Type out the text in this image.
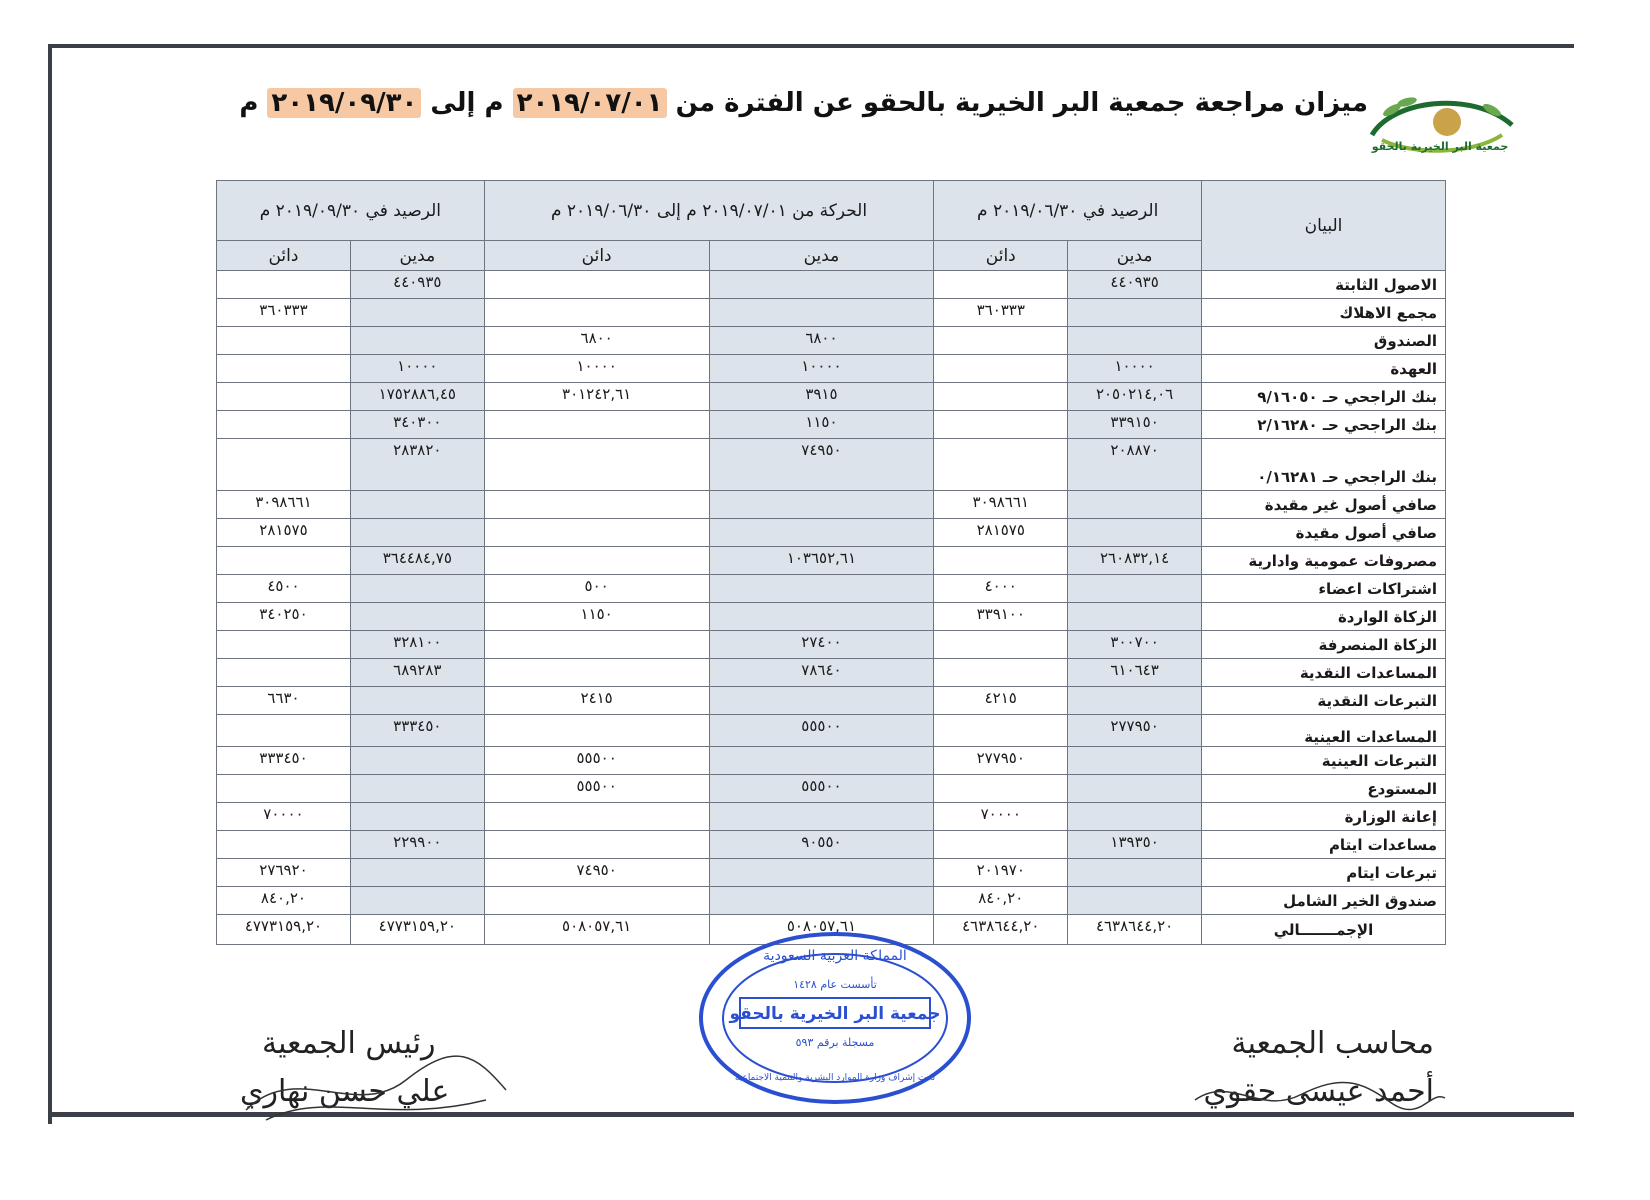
ميزان مراجعة جمعية البر الخيرية بالحقو عن الفترة من ٢٠١٩/٠٧/٠١ م إلى ٢٠١٩/٠٩/٣٠ م
جمعية البر الخيرية بالحقو
البيان	الرصيد في ٢٠١٩/٠٦/٣٠ م		الحركة من ٢٠١٩/٠٧/٠١ م إلى ٢٠١٩/٠٦/٣٠ م		الرصيد في ٢٠١٩/٠٩/٣٠ م	
	مدين	دائن	مدين	دائن	مدين	دائن
الاصول الثابتة	٤٤٠٩٣٥				٤٤٠٩٣٥	
مجمع الاهلاك		٣٦٠٣٣٣				٣٦٠٣٣٣
الصندوق			٦٨٠٠	٦٨٠٠		
العهدة	١٠٠٠٠		١٠٠٠٠	١٠٠٠٠	١٠٠٠٠	
بنك الراجحي حـ ٩/١٦٠٥٠	٢٠٥٠٢١٤,٠٦		٣٩١٥	٣٠١٢٤٢,٦١	١٧٥٢٨٨٦,٤٥	
بنك الراجحي حـ ٢/١٦٢٨٠	٣٣٩١٥٠		١١٥٠		٣٤٠٣٠٠	
بنك الراجحي حـ ٠/١٦٢٨١	٢٠٨٨٧٠		٧٤٩٥٠		٢٨٣٨٢٠	
صافي أصول غير مقيدة		٣٠٩٨٦٦١				٣٠٩٨٦٦١
صافي أصول مقيدة		٢٨١٥٧٥				٢٨١٥٧٥
مصروفات عمومية وادارية	٢٦٠٨٣٢,١٤		١٠٣٦٥٢,٦١		٣٦٤٤٨٤,٧٥	
اشتراكات اعضاء		٤٠٠٠		٥٠٠		٤٥٠٠
الزكاة الواردة		٣٣٩١٠٠		١١٥٠		٣٤٠٢٥٠
الزكاة المنصرفة	٣٠٠٧٠٠		٢٧٤٠٠		٣٢٨١٠٠	
المساعدات النقدية	٦١٠٦٤٣		٧٨٦٤٠		٦٨٩٢٨٣	
التبرعات النقدية		٤٢١٥		٢٤١٥		٦٦٣٠
المساعدات العينية	٢٧٧٩٥٠		٥٥٥٠٠		٣٣٣٤٥٠	
التبرعات العينية		٢٧٧٩٥٠		٥٥٥٠٠		٣٣٣٤٥٠
المستودع			٥٥٥٠٠	٥٥٥٠٠		
إعانة الوزارة		٧٠٠٠٠				٧٠٠٠٠
مساعدات ايتام	١٣٩٣٥٠		٩٠٥٥٠		٢٢٩٩٠٠	
تبرعات ايتام		٢٠١٩٧٠		٧٤٩٥٠		٢٧٦٩٢٠
صندوق الخير الشامل		٨٤٠,٢٠				٨٤٠,٢٠
الإجمـــــــالي	٤٦٣٨٦٤٤,٢٠	٤٦٣٨٦٤٤,٢٠	٥٠٨٠٥٧,٦١	٥٠٨٠٥٧,٦١	٤٧٧٣١٥٩,٢٠	٤٧٧٣١٥٩,٢٠
محاسب الجمعية
أحمد عيسى حقوي
رئيس الجمعية
علي حسن نهاري
المملكة العربية السعودية
تأسست عام ١٤٢٨
جمعية البر الخيرية بالحقو
مسجلة برقم ٥٩٣
تحت إشراف وزارة الموارد البشرية والتنمية الاجتماعية
